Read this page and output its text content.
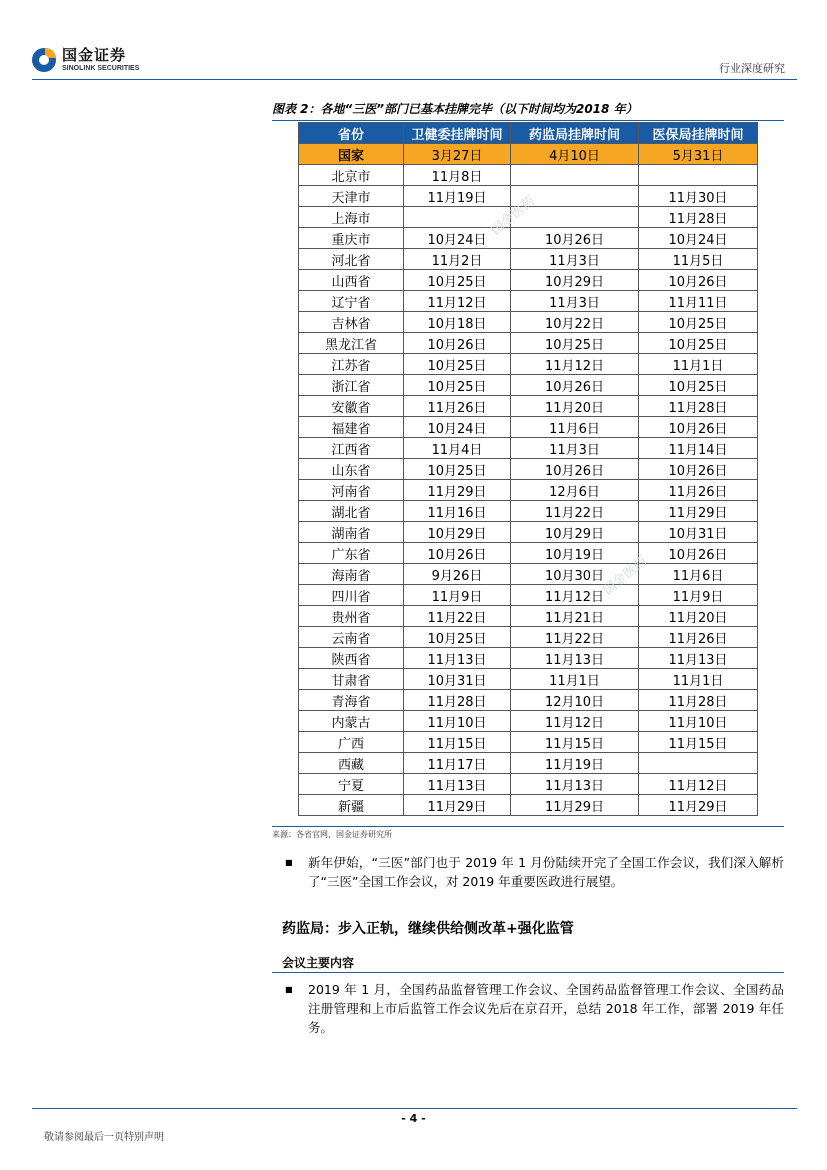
国金证券
SINOLINK SECURITIES	行业深度研究
图表 2：各地“三医”部门已基本挂牌完毕（以下时间均为2018 年）
省份	卫健委挂牌时间	药监局挂牌时间	医保局挂牌时间
国家	3月27日	4月10日	5月31日
北京市	11月8日		
天津市	11月19日		11月30日
上海市			11月28日
重庆市	10月24日	10月26日	10月24日
河北省	11月2日	11月3日	11月5日
山西省	10月25日	10月29日	10月26日
辽宁省	11月12日	11月3日	11月11日
吉林省	10月18日	10月22日	10月25日
黑龙江省	10月26日	10月25日	10月25日
江苏省	10月25日	11月12日	11月1日
浙江省	10月25日	10月26日	10月25日
安徽省	11月26日	11月20日	11月28日
福建省	10月24日	11月6日	10月26日
江西省	11月4日	11月3日	11月14日
山东省	10月25日	10月26日	10月26日
河南省	11月29日	12月6日	11月26日
湖北省	11月16日	11月22日	11月29日
湖南省	10月29日	10月29日	10月31日
广东省	10月26日	10月19日	10月26日
海南省	9月26日	10月30日	11月6日
四川省	11月9日	11月12日	11月9日
贵州省	11月22日	11月21日	11月20日
云南省	10月25日	11月22日	11月26日
陕西省	11月13日	11月13日	11月13日
甘肃省	10月31日	11月1日	11月1日
青海省	11月28日	12月10日	11月28日
内蒙古	11月10日	11月12日	11月10日
广西	11月15日	11月15日	11月15日
西藏	11月17日	11月19日	
宁夏	11月13日	11月13日	11月12日
新疆	11月29日	11月29日	11月29日
国金医药
国金医药
来源：各省官网，国金证券研究所
■ 新年伊始，“三医”部门也于 2019 年 1 月份陆续开完了全国工作会议，我们深入解析了“三医”全国工作会议，对 2019 年重要医政进行展望。
药监局：步入正轨，继续供给侧改革+强化监管
会议主要内容
■ 2019 年 1 月，全国药品监督管理工作会议、全国药品监督管理工作会议、全国药品注册管理和上市后监管工作会议先后在京召开，总结 2018 年工作，部署 2019 年任务。
- 4 -
敬请参阅最后一页特别声明
